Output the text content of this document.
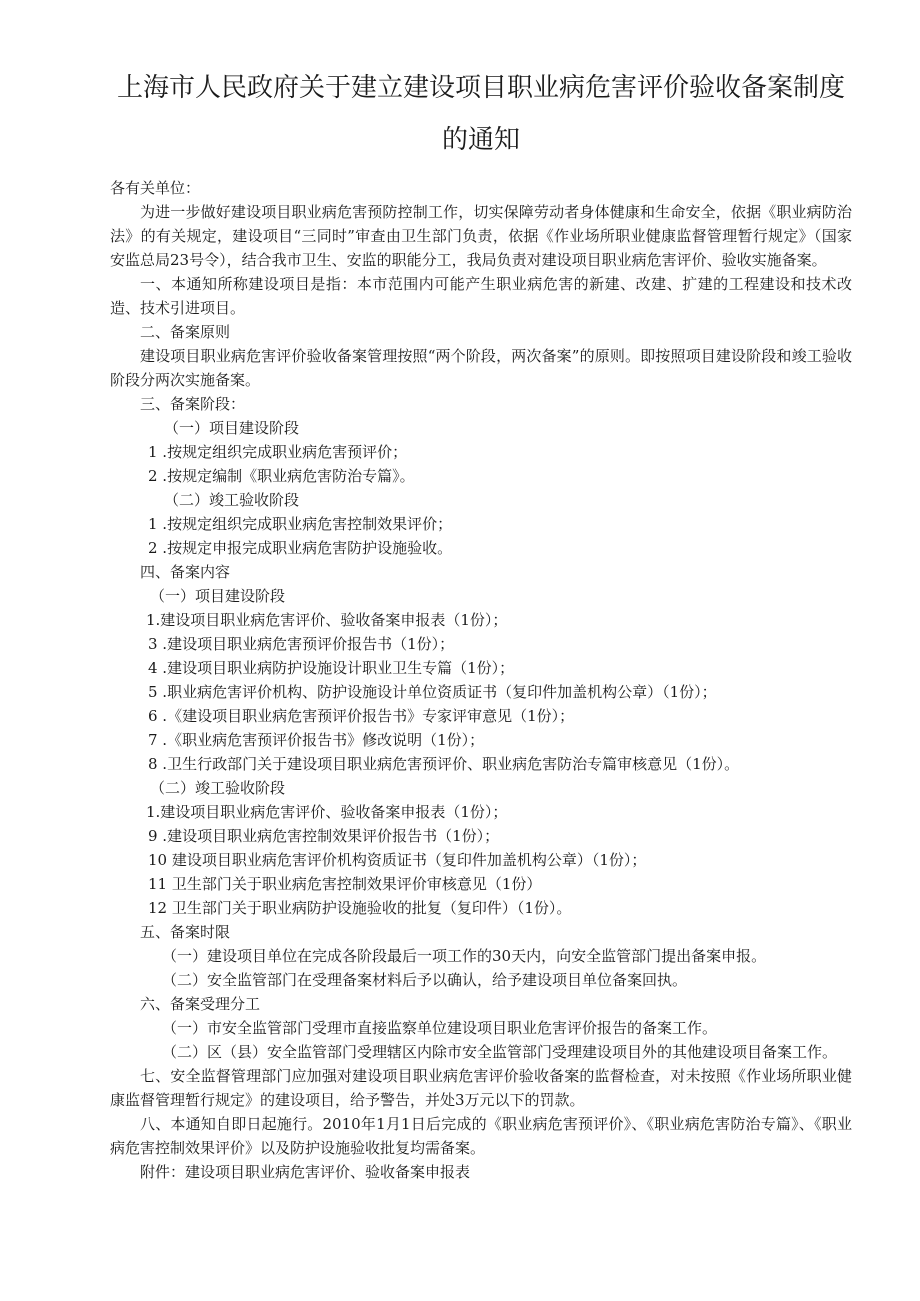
上海市人民政府关于建立建设项目职业病危害评价验收备案制度的通知

各有关单位：

为进一步做好建设项目职业病危害预防控制工作，切实保障劳动者身体健康和生命安全，依据《职业病防治法》的有关规定，建设项目“三同时”审查由卫生部门负责，依据《作业场所职业健康监督管理暂行规定》（国家安监总局23号令），结合我市卫生、安监的职能分工，我局负责对建设项目职业病危害评价、验收实施备案。

一、本通知所称建设项目是指：本市范围内可能产生职业病危害的新建、改建、扩建的工程建设和技术改造、技术引进项目。

二、备案原则

建设项目职业病危害评价验收备案管理按照“两个阶段，两次备案”的原则。即按照项目建设阶段和竣工验收阶段分两次实施备案。

三、备案阶段：

（一）项目建设阶段

1 .按规定组织完成职业病危害预评价；

2 .按规定编制《职业病危害防治专篇》。

（二）竣工验收阶段

1 .按规定组织完成职业病危害控制效果评价；

2 .按规定申报完成职业病危害防护设施验收。

四、备案内容

（一）项目建设阶段

1.建设项目职业病危害评价、验收备案申报表（1份）；

3 .建设项目职业病危害预评价报告书（1份）；

4 .建设项目职业病防护设施设计职业卫生专篇（1份）；

5 .职业病危害评价机构、防护设施设计单位资质证书（复印件加盖机构公章）（1份）；

6 .《建设项目职业病危害预评价报告书》专家评审意见（1份）；

7 .《职业病危害预评价报告书》修改说明（1份）；

8 .卫生行政部门关于建设项目职业病危害预评价、职业病危害防治专篇审核意见（1份）。

（二）竣工验收阶段

1.建设项目职业病危害评价、验收备案申报表（1份）；

9 .建设项目职业病危害控制效果评价报告书（1份）；

10 建设项目职业病危害评价机构资质证书（复印件加盖机构公章）（1份）；

11 卫生部门关于职业病危害控制效果评价审核意见（1份）

12 卫生部门关于职业病防护设施验收的批复（复印件）（1份）。

五、备案时限

（一）建设项目单位在完成各阶段最后一项工作的30天内，向安全监管部门提出备案申报。

（二）安全监管部门在受理备案材料后予以确认，给予建设项目单位备案回执。

六、备案受理分工

（一）市安全监管部门受理市直接监察单位建设项目职业危害评价报告的备案工作。

（二）区（县）安全监管部门受理辖区内除市安全监管部门受理建设项目外的其他建设项目备案工作。

七、安全监督管理部门应加强对建设项目职业病危害评价验收备案的监督检查，对未按照《作业场所职业健康监督管理暂行规定》的建设项目，给予警告，并处3万元以下的罚款。

八、本通知自即日起施行。2010年1月1日后完成的《职业病危害预评价》、《职业病危害防治专篇》、《职业病危害控制效果评价》以及防护设施验收批复均需备案。

附件：建设项目职业病危害评价、验收备案申报表
